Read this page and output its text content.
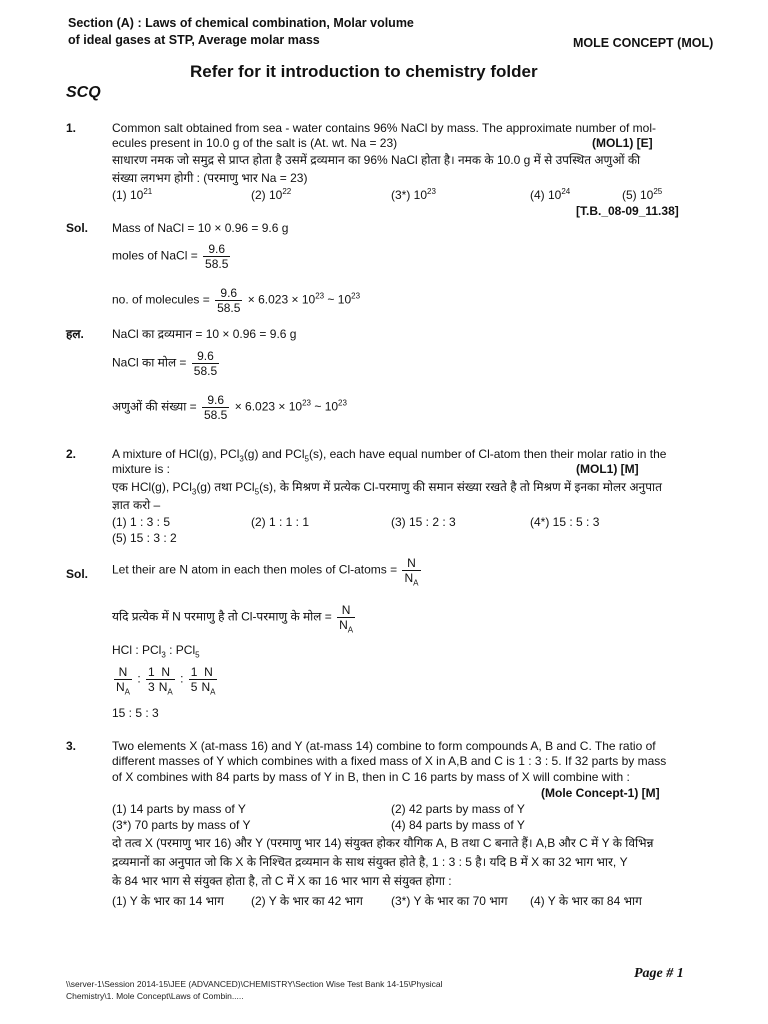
Section (A) : Laws of chemical combination, Molar volume
of ideal gases at STP, Average molar mass	MOLE CONCEPT (MOL)
Refer for it introduction to chemistry folder
SCQ
1.	Common salt obtained from sea - water contains 96% NaCl by mass. The approximate number of mol-
ecules present in 10.0 g of the salt is (At. wt. Na = 23)	(MOL1) [E]
साधारण नमक जो समुद्र से प्राप्त होता है उसमें द्रव्यमान का 96% NaCl होता है। नमक के 10.0 g में से उपस्थित अणुओं की
संख्या लगभग होगी : (परमाणु भार Na = 23)
(1) $10^{21}$	(2) $10^{22}$	(3*) $10^{23}$	(4) $10^{24}$	(5) $10^{25}$
[T.B._08-09_11.38]
Sol. Mass of NaCl = 10 × 0.96 = 9.6 g
moles of NaCl = $\frac{9.6}{58.5}$
no. of molecules = $\frac{9.6}{58.5} \times 6.023 \times 10^{23}$ ~ $10^{23}$
हल. NaCl का द्रव्यमान = 10 × 0.96 = 9.6 g
NaCl का मोल = $\frac{9.6}{58.5}$
अणुओं की संख्या = $\frac{9.6}{58.5} \times 6.023 \times 10^{23}$ ~ $10^{23}$
2.	A mixture of HCl(g), PCl$_3$(g) and PCl$_5$(s), each have equal number of Cl-atom then their molar ratio in the
mixture is :	(MOL1) [M]
एक HCl(g), PCl$_3$(g) तथा PCl$_5$(s), के मिश्रण में प्रत्येक Cl-परमाणु की समान संख्या रखते है तो मिश्रण में इनका मोलर अनुपात
ज्ञात करो –
(1) 1 : 3 : 5	(2) 1 : 1 : 1	(3) 15 : 2 : 3	(4*) 15 : 5 : 3
(5) 15 : 3 : 2
Sol. Let their are N atom in each then moles of Cl-atoms = $\frac{N}{N_A}$
यदि प्रत्येक में N परमाणु है तो Cl-परमाणु के मोल = $\frac{N}{N_A}$
HCl : PCl$_3$ : PCl$_5$
$\frac{N}{N_A}$ : $\frac{1}{3} \frac{N}{N_A}$ : $\frac{1}{5} \frac{N}{N_A}$
15 : 5 : 3
3.	Two elements X (at-mass 16) and Y (at-mass 14) combine to form compounds A, B and C. The ratio of
different masses of Y which combines with a fixed mass of X in A,B and C is 1 : 3 : 5. If 32 parts by mass
of X combines with 84 parts by mass of Y in B, then in C 16 parts by mass of X will combine with :
(Mole Concept-1) [M]
(1) 14 parts by mass of Y	(2) 42 parts by mass of Y
(3*) 70 parts by mass of Y	(4) 84 parts by mass of Y
दो तत्व X (परमाणु भार 16) और Y (परमाणु भार 14) संयुक्त होकर यौगिक A, B तथा C बनाते हैं। A,B और C में Y के विभिन्न
द्रव्यमानों का अनुपात जो कि X के निश्चित द्रव्यमान के साथ संयुक्त होते है, 1 : 3 : 5 है। यदि B में X का 32 भाग भार, Y
के 84 भार भाग से संयुक्त होता है, तो C में X का 16 भार भाग से संयुक्त होगा :
(1) Y के भार का 14 भाग (2) Y के भार का 42 भाग (3*) Y के भार का 70 भाग (4) Y के भार का 84 भाग
\\server-1\Session 2014-15\JEE (ADVANCED)\CHEMISTRY\Section Wise Test Bank 14-15\Physical
Chemistry\1. Mole Concept\Laws of Combin.....
Page # 1
